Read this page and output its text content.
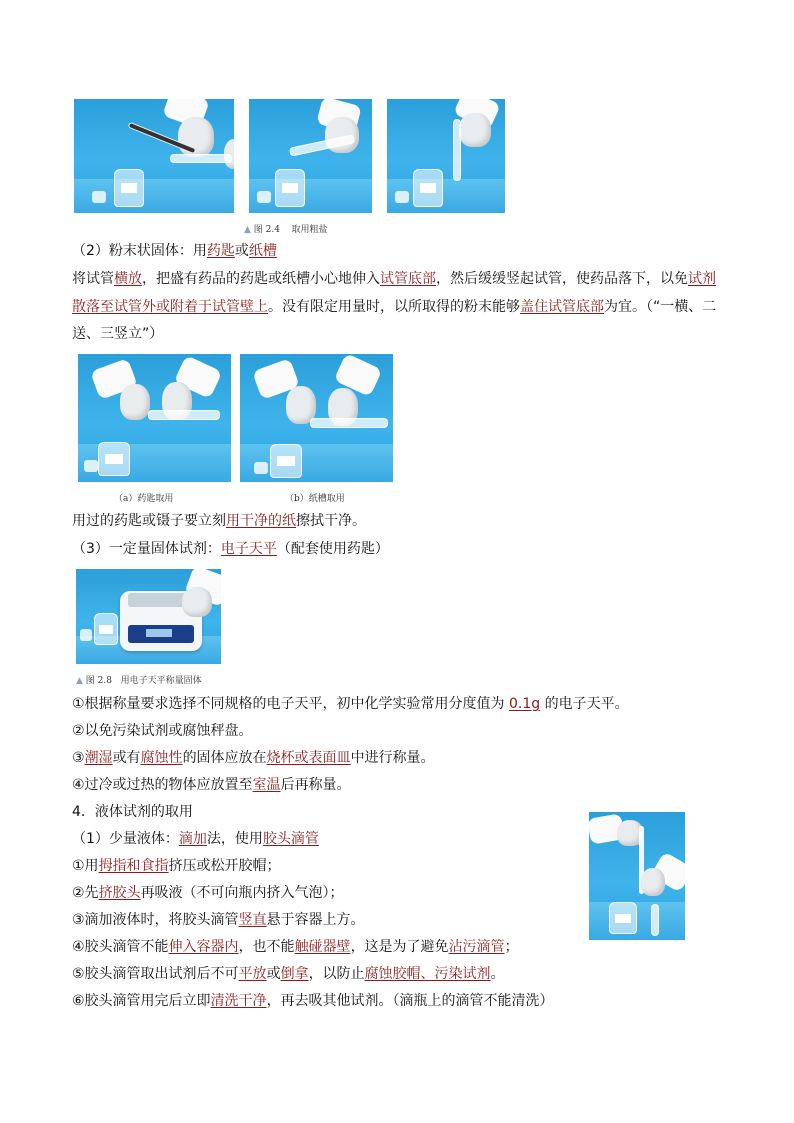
▲ 图 2.4 取用粗盐
（2）粉末状固体：用药匙或纸槽
将试管横放，把盛有药品的药匙或纸槽小心地伸入试管底部，然后缓缓竖起试管，使药品落下，以免试剂
散落至试管外或附着于试管壁上。没有限定用量时，以所取得的粉末能够盖住试管底部为宜。（“一横、二
送、三竖立”）
（a）药匙取用	（b）纸槽取用
用过的药匙或镊子要立刻用干净的纸擦拭干净。
（3）一定量固体试剂：电子天平（配套使用药匙）
▲ 图 2.8 用电子天平称量固体
①根据称量要求选择不同规格的电子天平，初中化学实验常用分度值为 0.1g 的电子天平。
②以免污染试剂或腐蚀秤盘。
③潮湿或有腐蚀性的固体应放在烧杯或表面皿中进行称量。
④过冷或过热的物体应放置至室温后再称量。
4．液体试剂的取用
（1）少量液体：滴加法，使用胶头滴管
①用拇指和食指挤压或松开胶帽；
②先挤胶头再吸液（不可向瓶内挤入气泡）；
③滴加液体时，将胶头滴管竖直悬于容器上方。
④胶头滴管不能伸入容器内，也不能触碰器壁，这是为了避免沾污滴管；
⑤胶头滴管取出试剂后不可平放或倒拿，以防止腐蚀胶帽、污染试剂。
⑥胶头滴管用完后立即清洗干净，再去吸其他试剂。（滴瓶上的滴管不能清洗）
